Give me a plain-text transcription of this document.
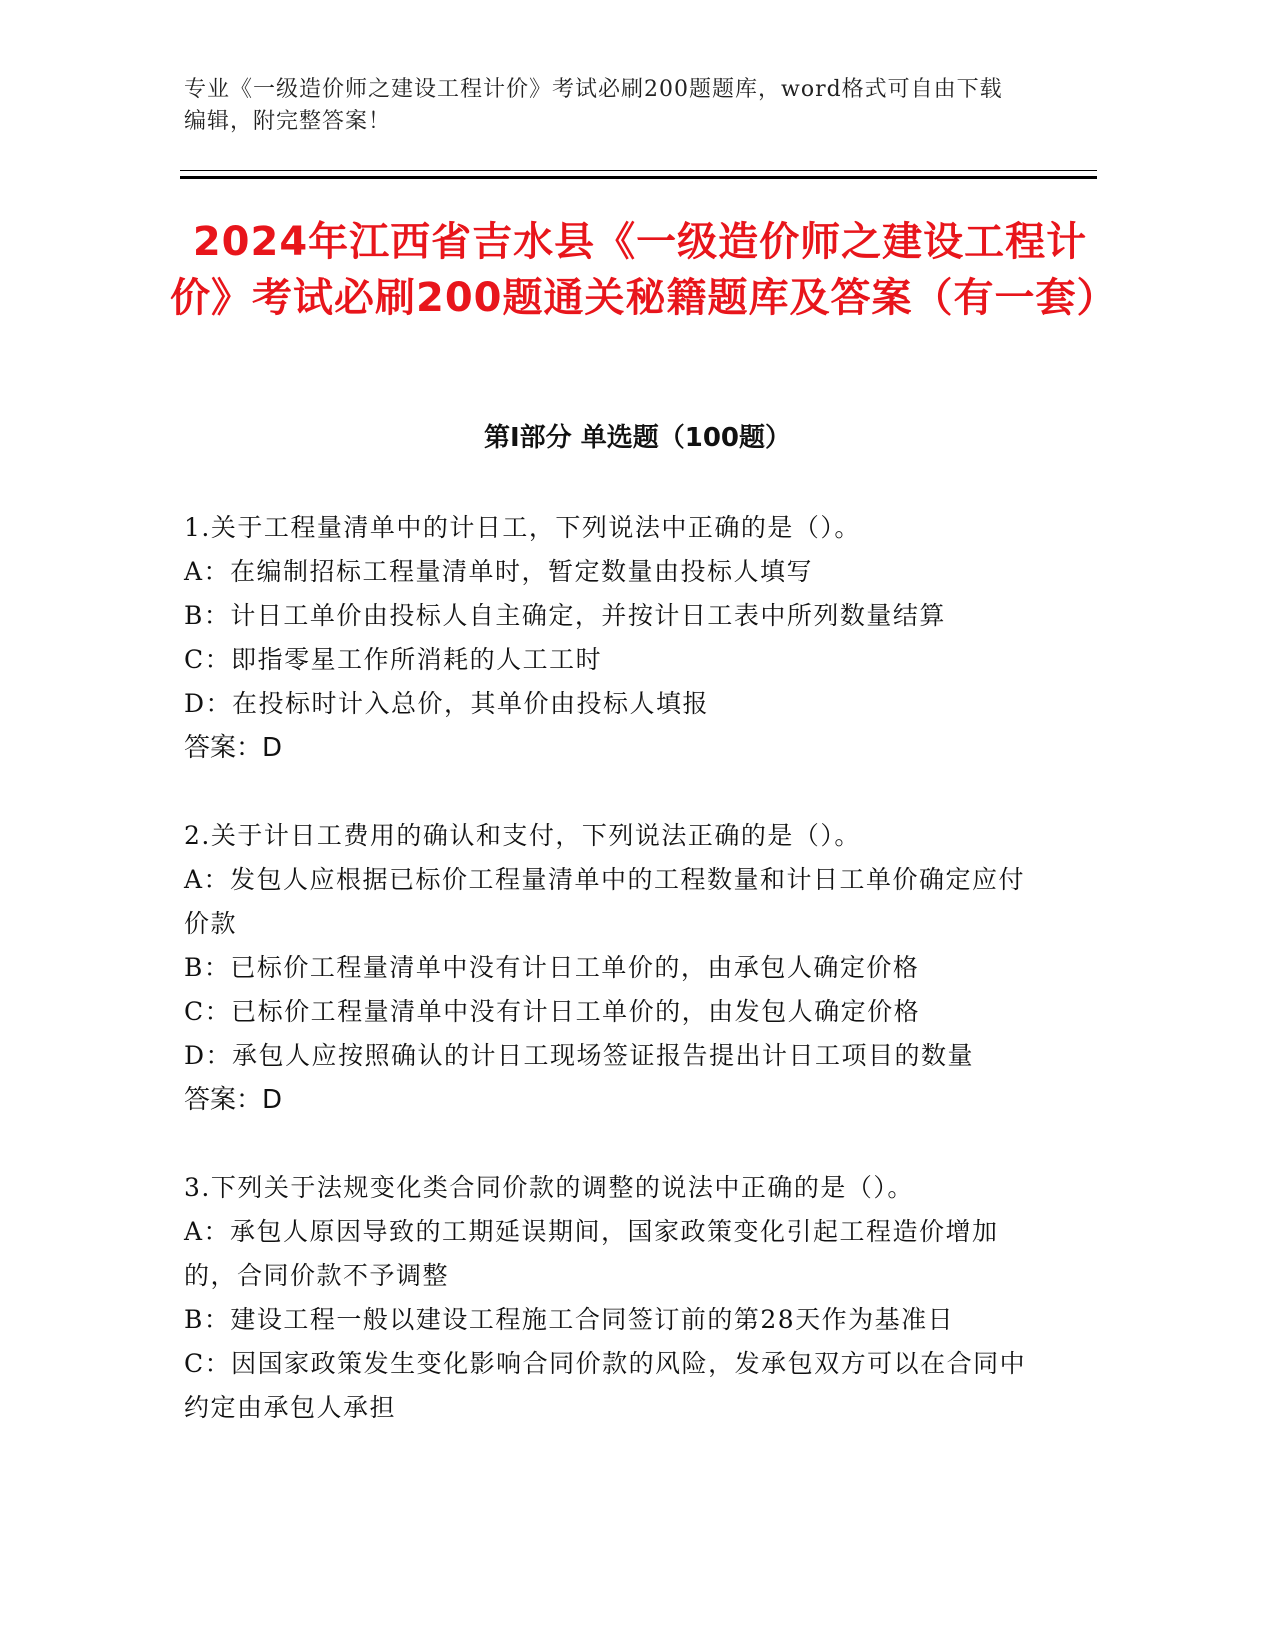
专业《一级造价师之建设工程计价》考试必刷200题题库，word格式可自由下载
编辑，附完整答案！
2024年江西省吉水县《一级造价师之建设工程计价》考试必刷200题通关秘籍题库及答案（有一套）
第Ⅰ部分 单选题（100题）

1.关于工程量清单中的计日工，下列说法中正确的是（）。

A：在编制招标工程量清单时，暂定数量由投标人填写

B：计日工单价由投标人自主确定，并按计日工表中所列数量结算

C：即指零星工作所消耗的人工工时

D：在投标时计入总价，其单价由投标人填报

答案：D

2.关于计日工费用的确认和支付，下列说法正确的是（）。

A：发包人应根据已标价工程量清单中的工程数量和计日工单价确定应付价款

B：已标价工程量清单中没有计日工单价的，由承包人确定价格

C：已标价工程量清单中没有计日工单价的，由发包人确定价格

D：承包人应按照确认的计日工现场签证报告提出计日工项目的数量

答案：D

3.下列关于法规变化类合同价款的调整的说法中正确的是（）。

A：承包人原因导致的工期延误期间，国家政策变化引起工程造价增加的，合同价款不予调整

B：建设工程一般以建设工程施工合同签订前的第28天作为基准日

C：因国家政策发生变化影响合同价款的风险，发承包双方可以在合同中约定由承包人承担
